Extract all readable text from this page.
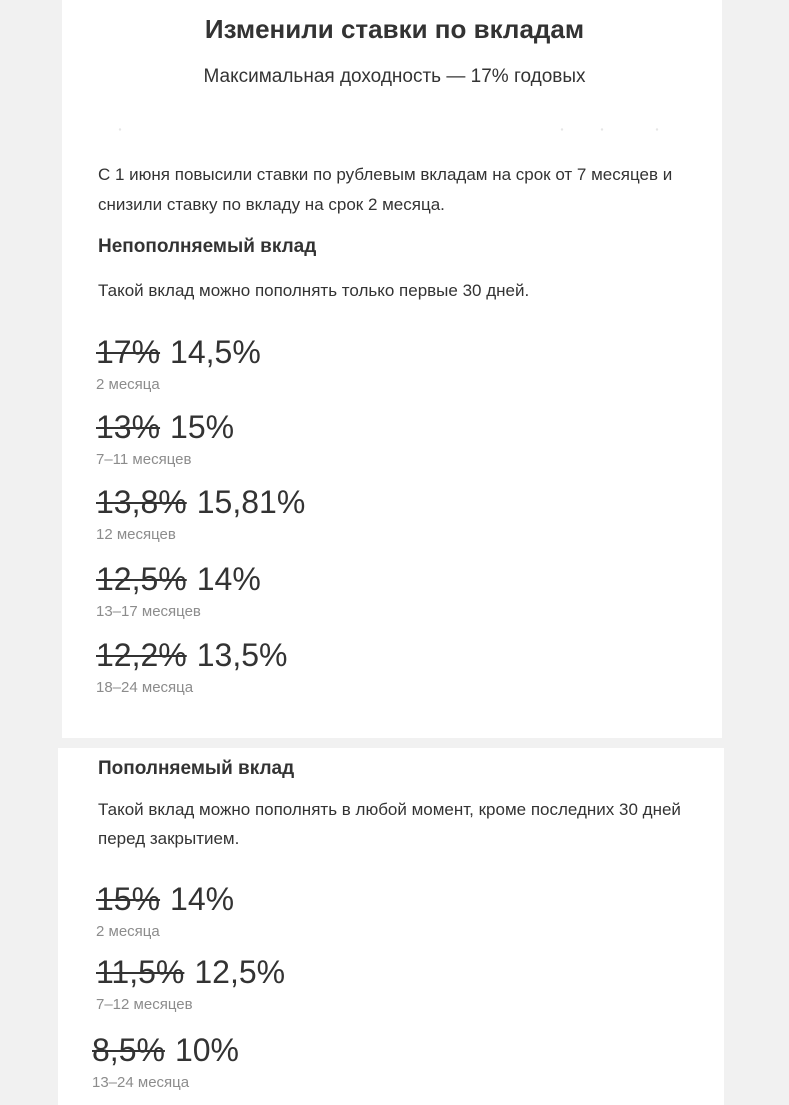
Изменили ставки по вкладам

Максимальная доходность — 17% годовых

С 1 июня повысили ставки по рублевым вкладам на срок от 7 месяцев и снизили ставку по вкладу на срок 2 месяца.

Непополняемый вклад

Такой вклад можно пополнять только первые 30 дней.

17% 14,5%
2 месяца
13% 15%
7–11 месяцев
13,8% 15,81%
12 месяцев
12,5% 14%
13–17 месяцев
12,2% 13,5%
18–24 месяца
Пополняемый вклад

Такой вклад можно пополнять в любой момент, кроме последних 30 дней перед закрытием.

15% 14%
2 месяца
11,5% 12,5%
7–12 месяцев
8,5% 10%
13–24 месяца
